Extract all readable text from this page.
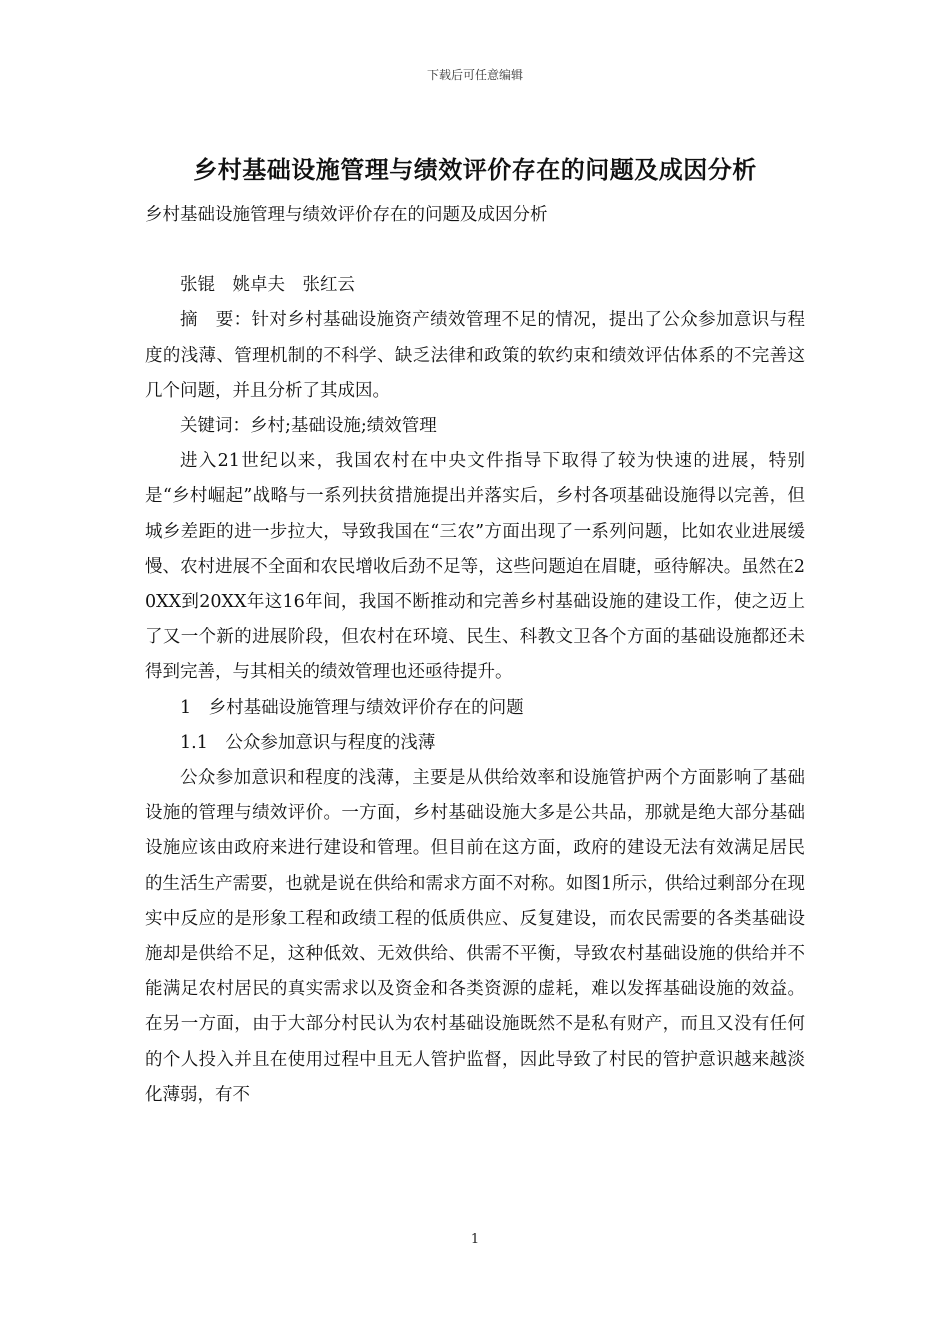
下载后可任意编辑
乡村基础设施管理与绩效评价存在的问题及成因分析

乡村基础设施管理与绩效评价存在的问题及成因分析

张锟　姚卓夫　张红云

摘　要：针对乡村基础设施资产绩效管理不足的情况，提出了公众参加意识与程度的浅薄、管理机制的不科学、缺乏法律和政策的软约束和绩效评估体系的不完善这几个问题，并且分析了其成因。

关键词：乡村;基础设施;绩效管理

进入21世纪以来，我国农村在中央文件指导下取得了较为快速的进展，特别是“乡村崛起”战略与一系列扶贫措施提出并落实后，乡村各项基础设施得以完善，但城乡差距的进一步拉大，导致我国在“三农”方面出现了一系列问题，比如农业进展缓慢、农村进展不全面和农民增收后劲不足等，这些问题迫在眉睫，亟待解决。虽然在20XX到20XX年这16年间，我国不断推动和完善乡村基础设施的建设工作，使之迈上了又一个新的进展阶段，但农村在环境、民生、科教文卫各个方面的基础设施都还未得到完善，与其相关的绩效管理也还亟待提升。

1　乡村基础设施管理与绩效评价存在的问题

1.1　公众参加意识与程度的浅薄

公众参加意识和程度的浅薄，主要是从供给效率和设施管护两个方面影响了基础设施的管理与绩效评价。一方面，乡村基础设施大多是公共品，那就是绝大部分基础设施应该由政府来进行建设和管理。但目前在这方面，政府的建设无法有效满足居民的生活生产需要，也就是说在供给和需求方面不对称。如图1所示，供给过剩部分在现实中反应的是形象工程和政绩工程的低质供应、反复建设，而农民需要的各类基础设施却是供给不足，这种低效、无效供给、供需不平衡，导致农村基础设施的供给并不能满足农村居民的真实需求以及资金和各类资源的虚耗，难以发挥基础设施的效益。在另一方面，由于大部分村民认为农村基础设施既然不是私有财产，而且又没有任何的个人投入并且在使用过程中且无人管护监督，因此导致了村民的管护意识越来越淡化薄弱，有不

1
